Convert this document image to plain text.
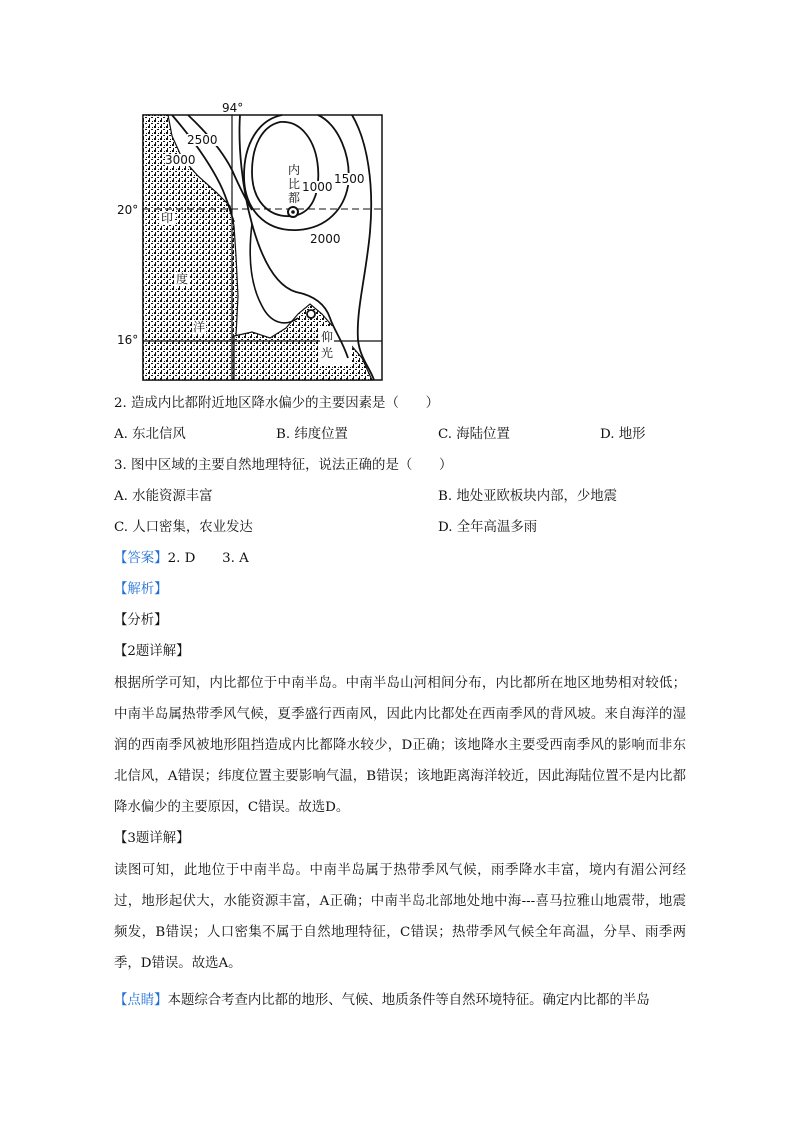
94°
20°
16°
2500
3000
1000
1500
2000
内
比
都
印
度
洋
仰
光
2. 造成内比都附近地区降水偏少的主要因素是（　　）
A. 东北信风	B. 纬度位置	C. 海陆位置	D. 地形
3. 图中区域的主要自然地理特征，说法正确的是（　　）
A. 水能资源丰富	B. 地处亚欧板块内部，少地震
C. 人口密集，农业发达	D. 全年高温多雨
【答案】2. D　　3. A
【解析】
【分析】
【2题详解】
根据所学可知，内比都位于中南半岛。中南半岛山河相间分布，内比都所在地区地势相对较低；中南半岛属热带季风气候，夏季盛行西南风，因此内比都处在西南季风的背风坡。来自海洋的湿润的西南季风被地形阻挡造成内比都降水较少，D正确；该地降水主要受西南季风的影响而非东北信风，A错误；纬度位置主要影响气温，B错误；该地距离海洋较近，因此海陆位置不是内比都降水偏少的主要原因，C错误。故选D。
【3题详解】
读图可知，此地位于中南半岛。中南半岛属于热带季风气候，雨季降水丰富，境内有湄公河经过，地形起伏大，水能资源丰富，A正确；中南半岛北部地处地中海---喜马拉雅山地震带，地震频发，B错误；人口密集不属于自然地理特征，C错误；热带季风气候全年高温，分旱、雨季两季，D错误。故选A。
【点睛】本题综合考查内比都的地形、气候、地质条件等自然环境特征。确定内比都的半岛
